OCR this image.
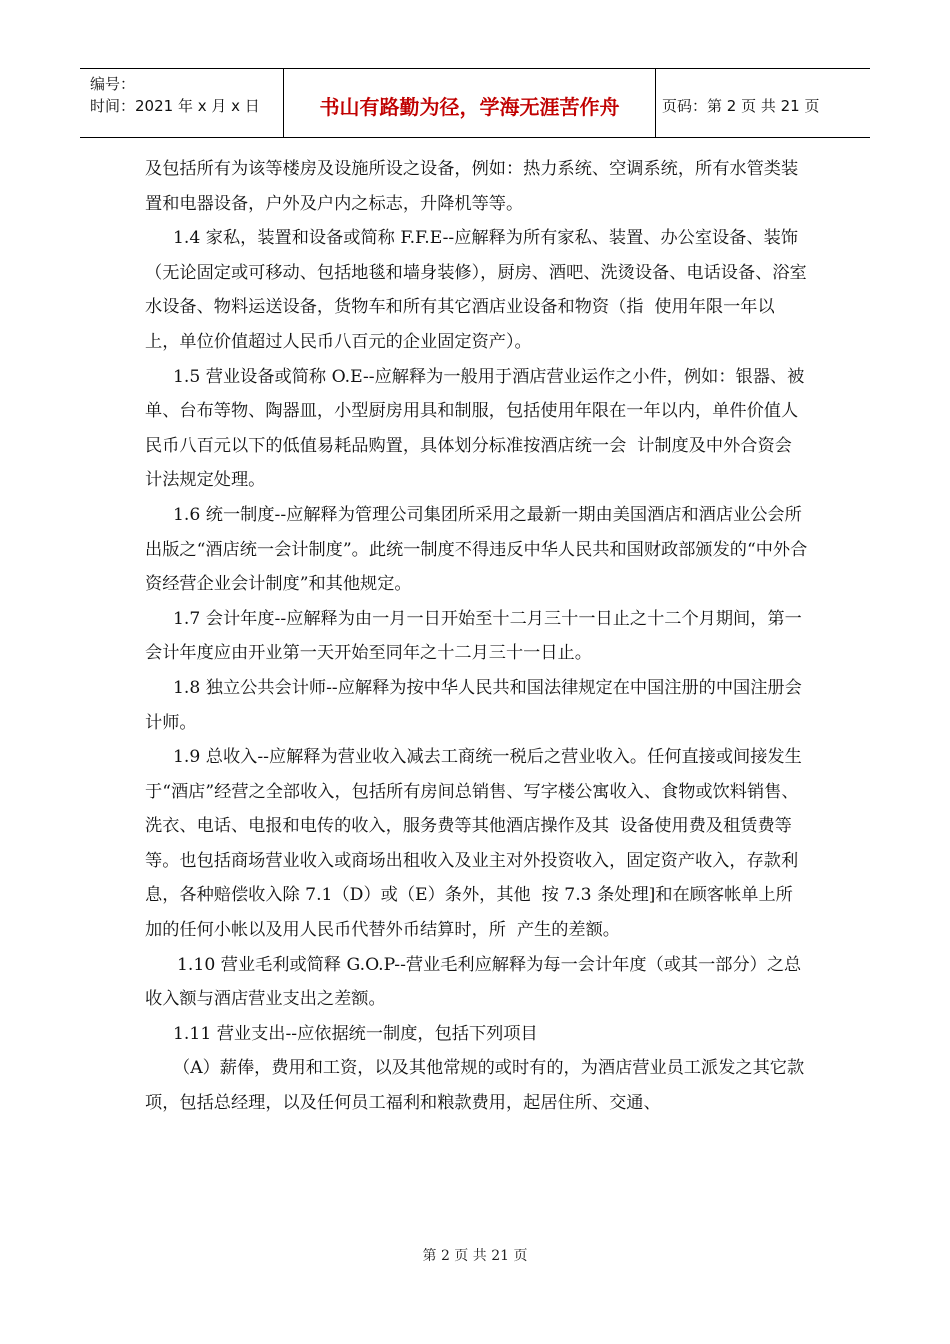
编号：
时间：2021 年 x 月 x 日	书山有路勤为径，学海无涯苦作舟	页码：第 2 页 共 21 页

及包括所有为该等楼房及设施所设之设备，例如：热力系统、空调系统，所有水管类装置和电器设备，户外及户内之标志，升降机等等。

1.4 家私，装置和设备或简称 F.F.E--应解释为所有家私、装置、办公室设备、装饰（无论固定或可移动、包括地毯和墙身装修），厨房、酒吧、洗烫设备、电话设备、浴室水设备、物料运送设备，货物车和所有其它酒店业设备和物资（指  使用年限一年以上，单位价值超过人民币八百元的企业固定资产）。

1.5 营业设备或简称 O.E--应解释为一般用于酒店营业运作之小件，例如：银器、被单、台布等物、陶器皿，小型厨房用具和制服，包括使用年限在一年以内，单件价值人民币八百元以下的低值易耗品购置，具体划分标准按酒店统一会  计制度及中外合资会计法规定处理。

1.6 统一制度--应解释为管理公司集团所采用之最新一期由美国酒店和酒店业公会所出版之“酒店统一会计制度”。此统一制度不得违反中华人民共和国财政部颁发的“中外合资经营企业会计制度”和其他规定。

1.7 会计年度--应解释为由一月一日开始至十二月三十一日止之十二个月期间，第一会计年度应由开业第一天开始至同年之十二月三十一日止。

1.8 独立公共会计师--应解释为按中华人民共和国法律规定在中国注册的中国注册会计师。

1.9 总收入--应解释为营业收入减去工商统一税后之营业收入。任何直接或间接发生于“酒店”经营之全部收入，包括所有房间总销售、写字楼公寓收入、食物或饮料销售、洗衣、电话、电报和电传的收入，服务费等其他酒店操作及其  设备使用费及租赁费等等。也包括商场营业收入或商场出租收入及业主对外投资收入，固定资产收入，存款利息，各种赔偿收入除 7.1（D）或（E）条外，其他  按 7.3 条处理]和在顾客帐单上所加的任何小帐以及用人民币代替外币结算时，所  产生的差额。

1.10 营业毛利或简释 G.O.P--营业毛利应解释为每一会计年度（或其一部分）之总收入额与酒店营业支出之差额。

1.11 营业支出--应依据统一制度，包括下列项目

（A）薪俸，费用和工资，以及其他常规的或时有的，为酒店营业员工派发之其它款项，包括总经理，以及任何员工福利和粮款费用，起居住所、交通、

第 2 页 共 21 页
